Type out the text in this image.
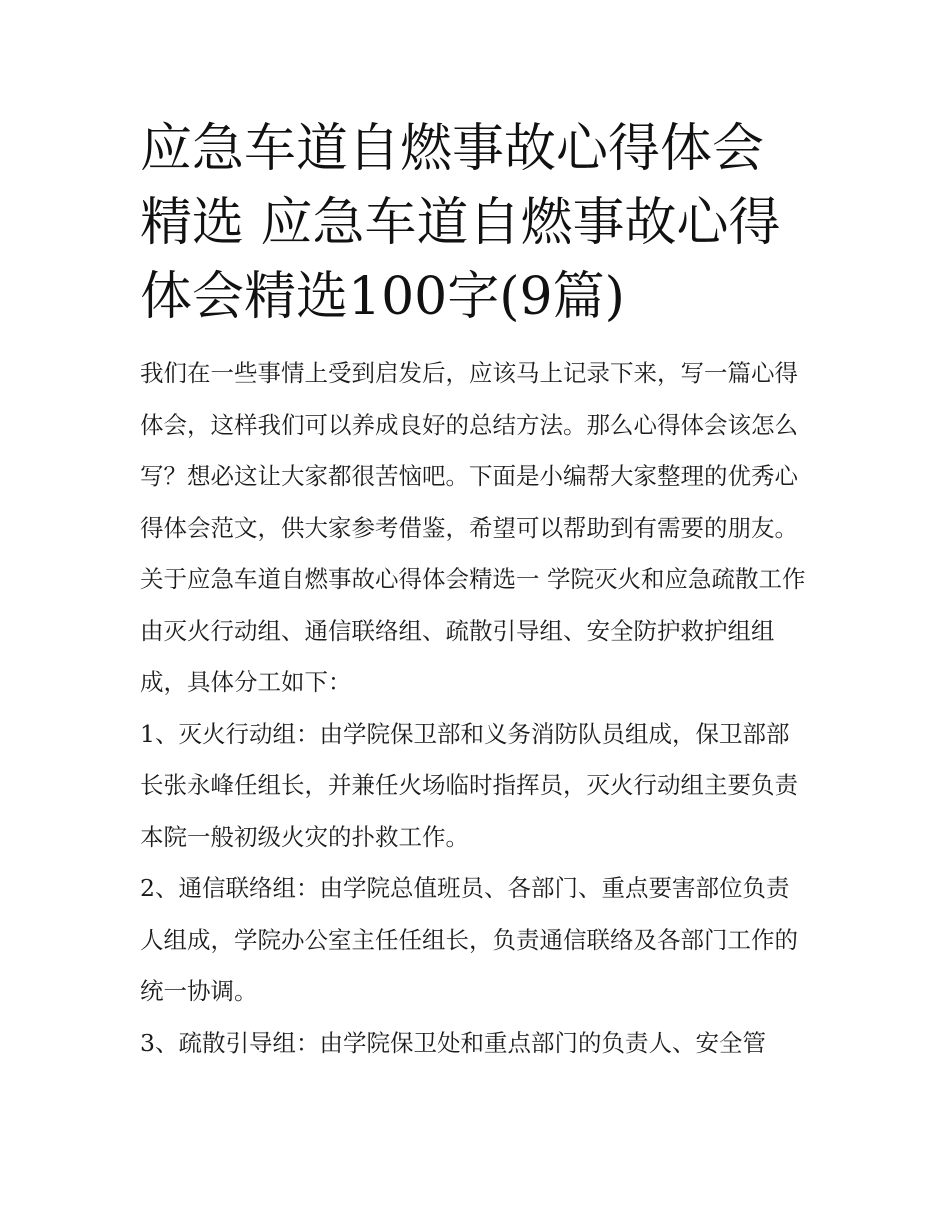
应急车道自燃事故心得体会精选 应急车道自燃事故心得体会精选100字(9篇)

我们在一些事情上受到启发后，应该马上记录下来，写一篇心得体会，这样我们可以养成良好的总结方法。那么心得体会该怎么写？想必这让大家都很苦恼吧。下面是小编帮大家整理的优秀心得体会范文，供大家参考借鉴，希望可以帮助到有需要的朋友。

关于应急车道自燃事故心得体会精选一 学院灭火和应急疏散工作由灭火行动组、通信联络组、疏散引导组、安全防护救护组组成，具体分工如下：

1、灭火行动组：由学院保卫部和义务消防队员组成，保卫部部长张永峰任组长，并兼任火场临时指挥员，灭火行动组主要负责本院一般初级火灾的扑救工作。

2、通信联络组：由学院总值班员、各部门、重点要害部位负责人组成，学院办公室主任任组长，负责通信联络及各部门工作的统一协调。

3、疏散引导组：由学院保卫处和重点部门的负责人、安全管
